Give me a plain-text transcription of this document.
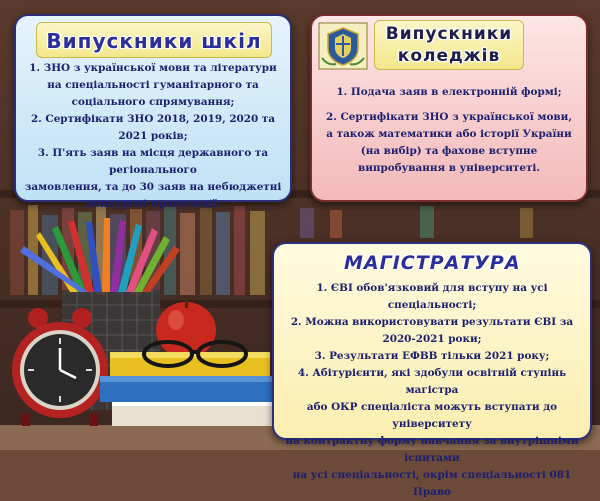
Випускники шкіл
1. ЗНО з української мови та літератури
на спеціальності гуманітарного та
соціального спрямування;
2. Сертифікати ЗНО 2018, 2019, 2020 та 2021 років;
3. П'ять заяв на місця державного та регіонального
замовлення, та до 30 заяв на небюджетні
конкурсні пропозиції.
Випускники
коледжів
1. Подача заяв в електронній формі;
2. Сертифікати ЗНО з української мови, а також математики або історії України (на вибір) та фахове вступне випробування в університеті.
МАГІСТРАТУРА
1. ЄВІ обов'язковий для вступу на усі спеціальності;
2. Можна використовувати результати ЄВІ за
2020-2021 роки;
3. Результати ЕФВВ тільки 2021 року;
4. Абітурієнти, які здобули освітній ступінь магістра
або ОКР спеціаліста можуть вступати до університету
на контрактну форму навчання за внутрішніми іспитами
на усі спеціальності, окрім спеціальності 081 Право
